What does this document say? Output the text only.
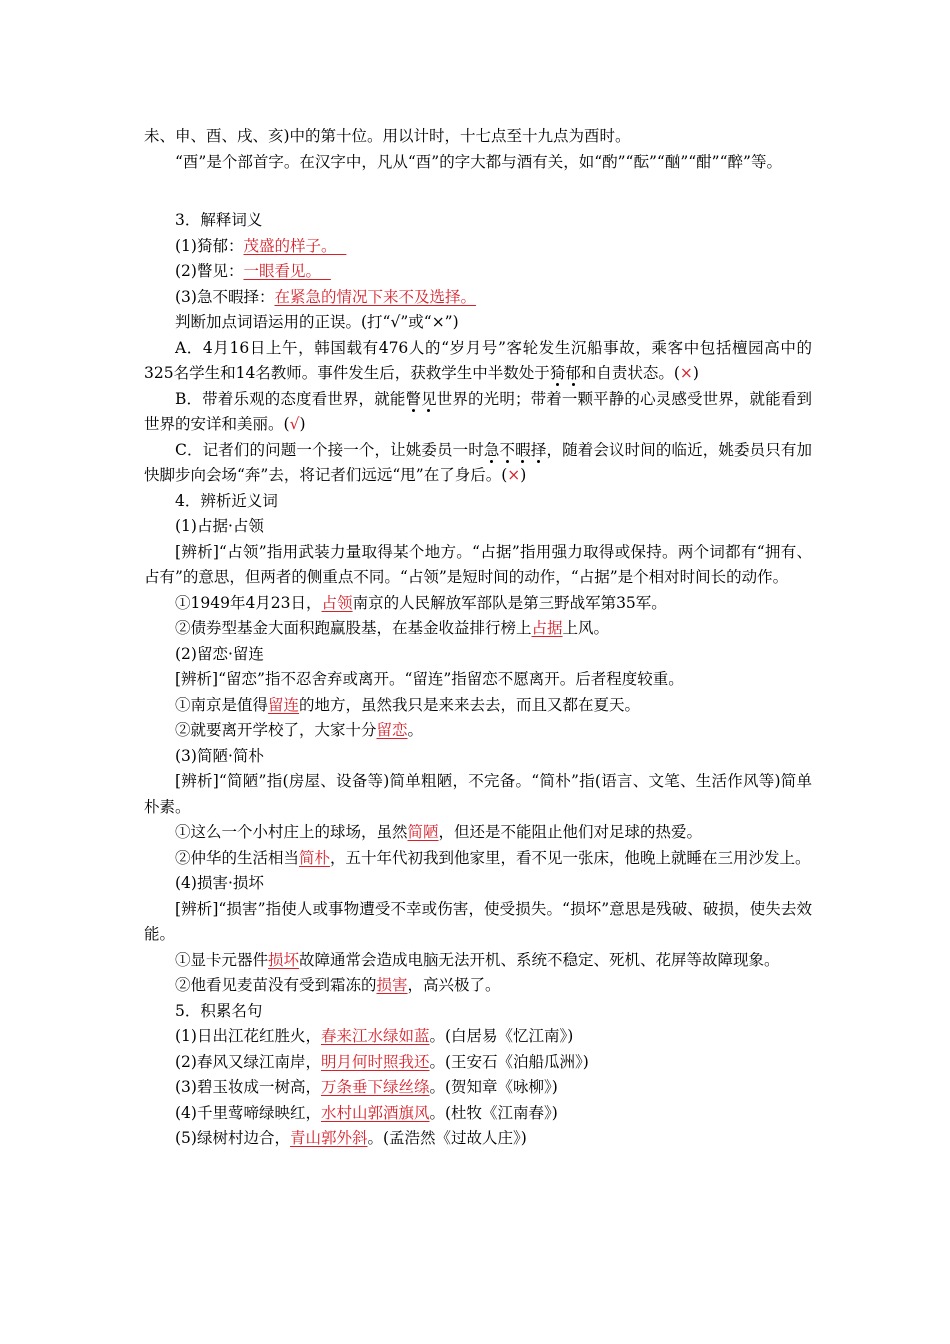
未、申、酉、戌、亥)中的第十位。用以计时，十七点至十九点为酉时。

“酉”是个部首字。在汉字中，凡从“酉”的字大都与酒有关，如“酌”“酝”“酗”“酣”“醉”等。

3．解释词义

(1)猗郁：茂盛的样子。

(2)瞥见：一眼看见。

(3)急不暇择：在紧急的情况下来不及选择。

判断加点词语运用的正误。(打“√”或“×”)

A．4月16日上午，韩国载有476人的“岁月号”客轮发生沉船事故，乘客中包括檀园高中的325名学生和14名教师。事件发生后，获救学生中半数处于猗郁和自责状态。(×)

B．带着乐观的态度看世界，就能瞥见世界的光明；带着一颗平静的心灵感受世界，就能看到世界的安详和美丽。(√)

C．记者们的问题一个接一个，让姚委员一时急不暇择，随着会议时间的临近，姚委员只有加快脚步向会场“奔”去，将记者们远远“甩”在了身后。(×)

4．辨析近义词

(1)占据·占领

[辨析]“占领”指用武装力量取得某个地方。“占据”指用强力取得或保持。两个词都有“拥有、占有”的意思，但两者的侧重点不同。“占领”是短时间的动作，“占据”是个相对时间长的动作。

①1949年4月23日，占领南京的人民解放军部队是第三野战军第35军。

②债券型基金大面积跑赢股基，在基金收益排行榜上占据上风。

(2)留恋·留连

[辨析]“留恋”指不忍舍弃或离开。“留连”指留恋不愿离开。后者程度较重。

①南京是值得留连的地方，虽然我只是来来去去，而且又都在夏天。

②就要离开学校了，大家十分留恋。

(3)简陋·简朴

[辨析]“简陋”指(房屋、设备等)简单粗陋，不完备。“简朴”指(语言、文笔、生活作风等)简单朴素。

①这么一个小村庄上的球场，虽然简陋，但还是不能阻止他们对足球的热爱。

②仲华的生活相当简朴，五十年代初我到他家里，看不见一张床，他晚上就睡在三用沙发上。

(4)损害·损坏

[辨析]“损害”指使人或事物遭受不幸或伤害，使受损失。“损坏”意思是残破、破损，使失去效能。

①显卡元器件损坏故障通常会造成电脑无法开机、系统不稳定、死机、花屏等故障现象。

②他看见麦苗没有受到霜冻的损害，高兴极了。

5．积累名句

(1)日出江花红胜火，春来江水绿如蓝。(白居易《忆江南》)

(2)春风又绿江南岸，明月何时照我还。(王安石《泊船瓜洲》)

(3)碧玉妆成一树高，万条垂下绿丝绦。(贺知章《咏柳》)

(4)千里莺啼绿映红，水村山郭酒旗风。(杜牧《江南春》)

(5)绿树村边合，青山郭外斜。(孟浩然《过故人庄》)
